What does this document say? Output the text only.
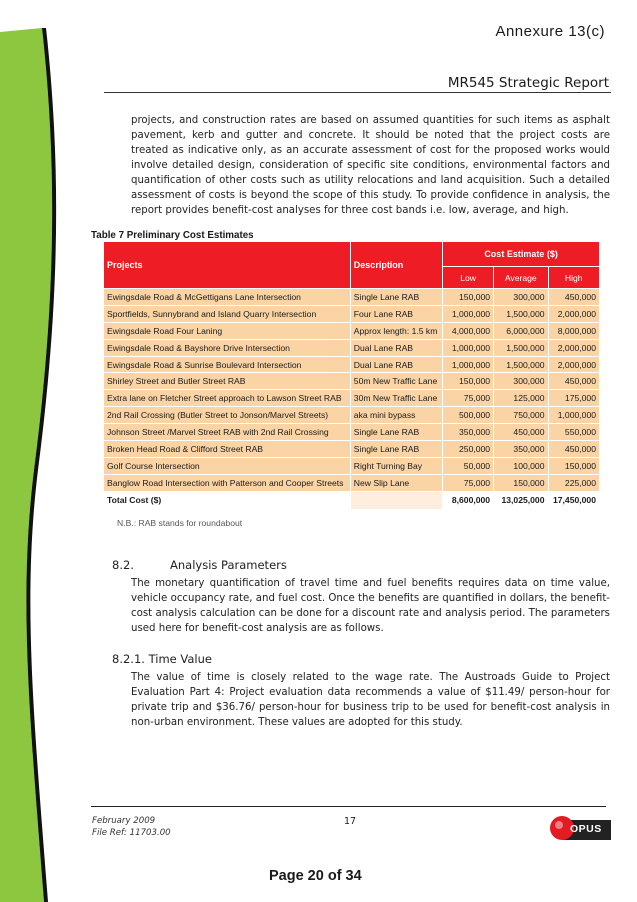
Annexure 13(c)
MR545 Strategic Report
projects, and construction rates are based on assumed quantities for such items as asphalt pavement, kerb and gutter and concrete. It should be noted that the project costs are treated as indicative only, as an accurate assessment of cost for the proposed works would involve detailed design, consideration of specific site conditions, environmental factors and quantification of other costs such as utility relocations and land acquisition. Such a detailed assessment of costs is beyond the scope of this study. To provide confidence in analysis, the report provides benefit-cost analyses for three cost bands i.e. low, average, and high.
Table 7 Preliminary Cost Estimates
Projects	Description	Cost Estimate ($)		
		Low	Average	High
Ewingsdale Road & McGettigans Lane Intersection	Single Lane RAB	150,000	300,000	450,000
Sportfields, Sunnybrand and Island Quarry Intersection	Four Lane RAB	1,000,000	1,500,000	2,000,000
Ewingsdale Road Four Laning	Approx length: 1.5 km	4,000,000	6,000,000	8,000,000
Ewingsdale Road & Bayshore Drive Intersection	Dual Lane RAB	1,000,000	1,500,000	2,000,000
Ewingsdale Road & Sunrise Boulevard Intersection	Dual Lane RAB	1,000,000	1,500,000	2,000,000
Shirley Street and Butler Street RAB	50m New Traffic Lane	150,000	300,000	450,000
Extra lane on Fletcher Street approach to Lawson Street RAB	30m New Traffic Lane	75,000	125,000	175,000
2nd Rail Crossing (Butler Street to Jonson/Marvel Streets)	aka mini bypass	500,000	750,000	1,000,000
Johnson Street /Marvel Street RAB with 2nd Rail Crossing	Single Lane RAB	350,000	450,000	550,000
Broken Head Road & Clifford Street RAB	Single Lane RAB	250,000	350,000	450,000
Golf Course Intersection	Right Turning Bay	50,000	100,000	150,000
Banglow Road Intersection with Patterson and Cooper Streets	New Slip Lane	75,000	150,000	225,000
Total Cost ($)		8,600,000	13,025,000	17,450,000
N.B.: RAB stands for roundabout
8.2.	Analysis Parameters
The monetary quantification of travel time and fuel benefits requires data on time value, vehicle occupancy rate, and fuel cost. Once the benefits are quantified in dollars, the benefit-cost analysis calculation can be done for a discount rate and analysis period. The parameters used here for benefit-cost analysis are as follows.
8.2.1. Time Value
The value of time is closely related to the wage rate. The Austroads Guide to Project Evaluation Part 4: Project evaluation data recommends a value of $11.49/ person-hour for private trip and $36.76/ person-hour for business trip to be used for benefit-cost analysis in non-urban environment. These values are adopted for this study.
February 2009
File Ref: 11703.00
17
OPUS
Page 20 of 34
